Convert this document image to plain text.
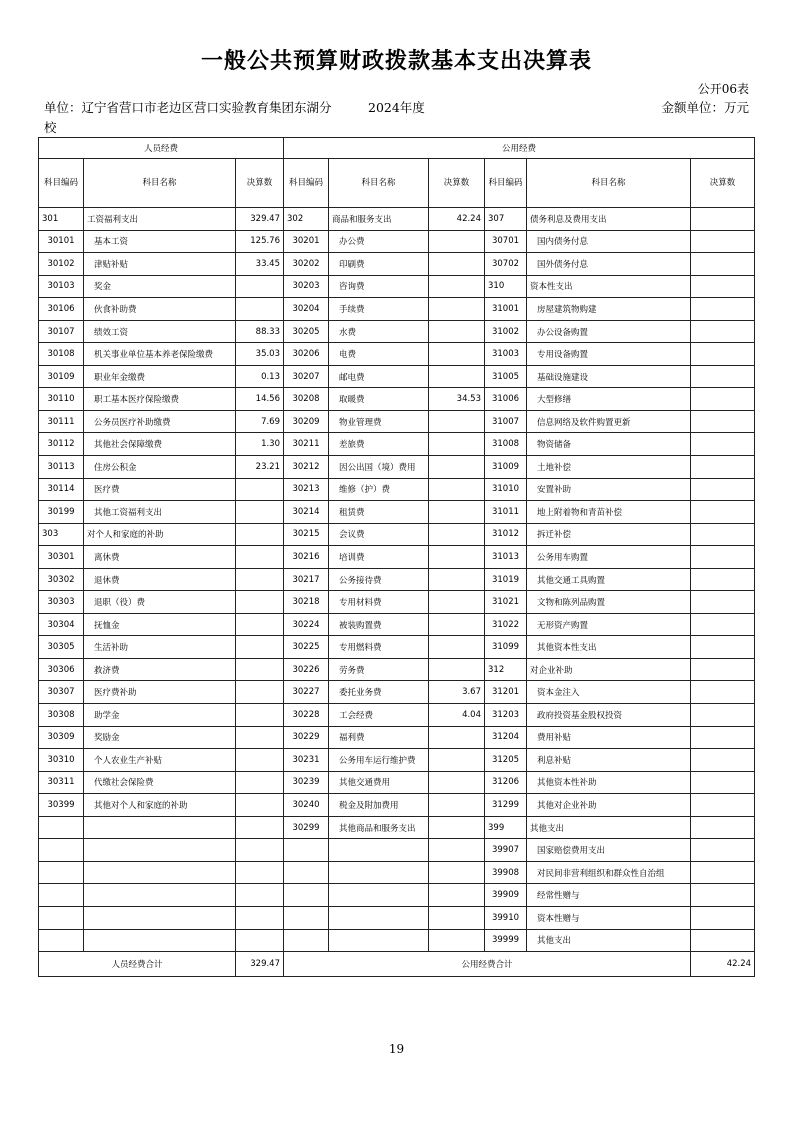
一般公共预算财政拨款基本支出决算表
公开06表
单位：辽宁省营口市老边区营口实验教育集团东湖分校
2024年度	金额单位：万元
人员经费			公用经费					
科目编码	科目名称	决算数	科目编码	科目名称	决算数	科目编码	科目名称	决算数
301	工资福利支出	329.47	302	商品和服务支出	42.24	307	债务利息及费用支出	
30101	基本工资	125.76	30201	办公费		30701	国内债务付息	
30102	津贴补贴	33.45	30202	印刷费		30702	国外债务付息	
30103	奖金		30203	咨询费		310	资本性支出	
30106	伙食补助费		30204	手续费		31001	房屋建筑物购建	
30107	绩效工资	88.33	30205	水费		31002	办公设备购置	
30108	机关事业单位基本养老保险缴费	35.03	30206	电费		31003	专用设备购置	
30109	职业年金缴费	0.13	30207	邮电费		31005	基础设施建设	
30110	职工基本医疗保险缴费	14.56	30208	取暖费	34.53	31006	大型修缮	
30111	公务员医疗补助缴费	7.69	30209	物业管理费		31007	信息网络及软件购置更新	
30112	其他社会保障缴费	1.30	30211	差旅费		31008	物资储备	
30113	住房公积金	23.21	30212	因公出国（境）费用		31009	土地补偿	
30114	医疗费		30213	维修（护）费		31010	安置补助	
30199	其他工资福利支出		30214	租赁费		31011	地上附着物和青苗补偿	
303	对个人和家庭的补助		30215	会议费		31012	拆迁补偿	
30301	离休费		30216	培训费		31013	公务用车购置	
30302	退休费		30217	公务接待费		31019	其他交通工具购置	
30303	退职（役）费		30218	专用材料费		31021	文物和陈列品购置	
30304	抚恤金		30224	被装购置费		31022	无形资产购置	
30305	生活补助		30225	专用燃料费		31099	其他资本性支出	
30306	救济费		30226	劳务费		312	对企业补助	
30307	医疗费补助		30227	委托业务费	3.67	31201	资本金注入	
30308	助学金		30228	工会经费	4.04	31203	政府投资基金股权投资	
30309	奖励金		30229	福利费		31204	费用补贴	
30310	个人农业生产补贴		30231	公务用车运行维护费		31205	利息补贴	
30311	代缴社会保险费		30239	其他交通费用		31206	其他资本性补助	
30399	其他对个人和家庭的补助		30240	税金及附加费用		31299	其他对企业补助	
			30299	其他商品和服务支出		399	其他支出	
						39907	国家赔偿费用支出	
						39908	对民间非营利组织和群众性自治组	
						39909	经常性赠与	
						39910	资本性赠与	
						39999	其他支出	
人员经费合计		329.47	公用经费合计					42.24
19
